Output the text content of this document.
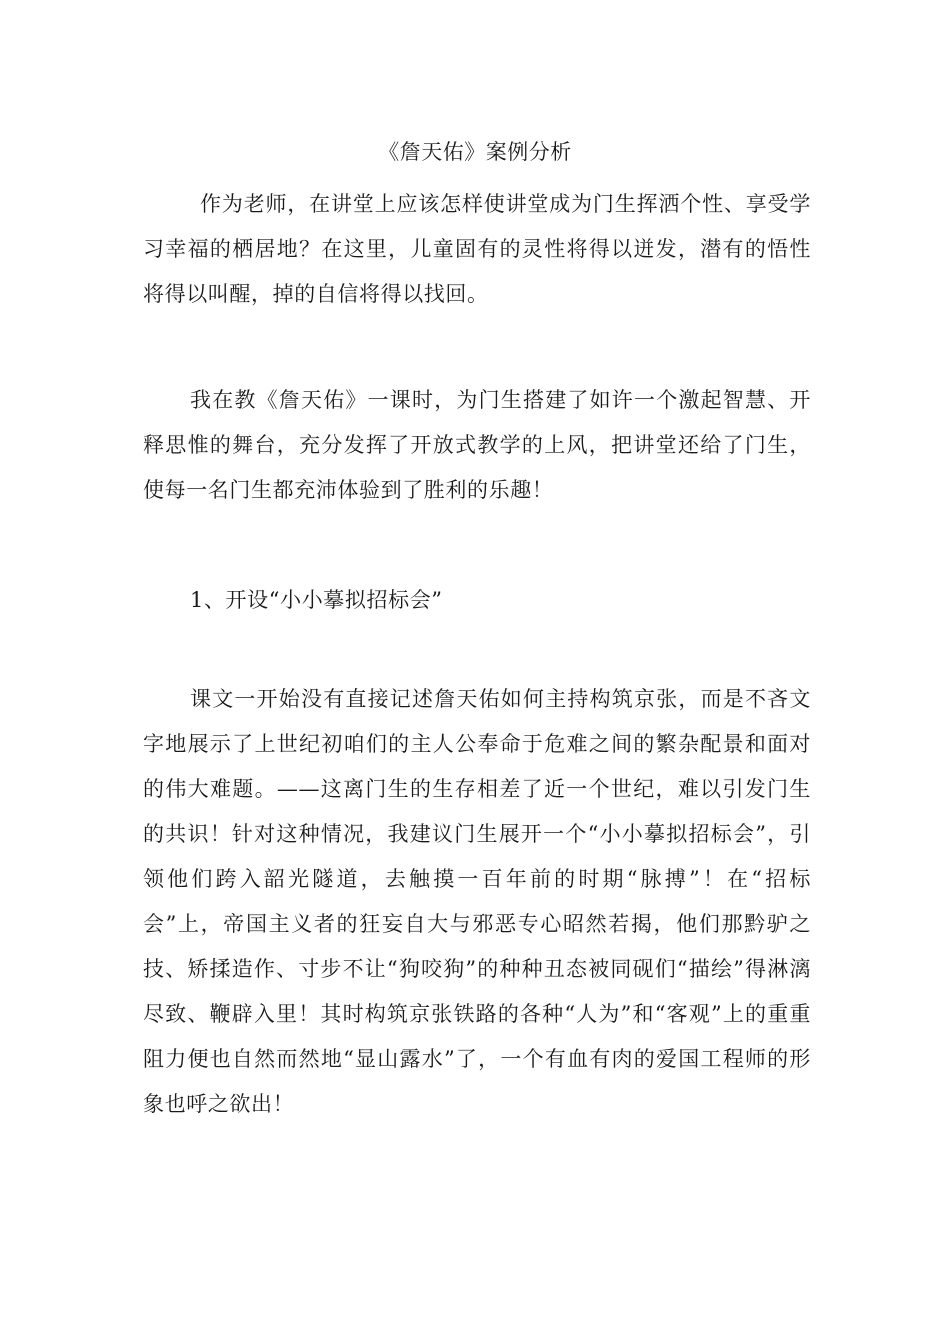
《詹天佑》案例分析

作为老师，在讲堂上应该怎样使讲堂成为门生挥洒个性、享受学习幸福的栖居地？在这里，儿童固有的灵性将得以迸发，潜有的悟性将得以叫醒，掉的自信将得以找回。

我在教《詹天佑》一课时，为门生搭建了如许一个激起智慧、开释思惟的舞台，充分发挥了开放式教学的上风，把讲堂还给了门生，使每一名门生都充沛体验到了胜利的乐趣！

1、开设“小小摹拟招标会”

课文一开始没有直接记述詹天佑如何主持构筑京张，而是不吝文字地展示了上世纪初咱们的主人公奉命于危难之间的繁杂配景和面对的伟大难题。——这离门生的生存相差了近一个世纪，难以引发门生的共识！针对这种情况，我建议门生展开一个“小小摹拟招标会”，引领他们跨入韶光隧道，去触摸一百年前的时期“脉搏”！在“招标会”上，帝国主义者的狂妄自大与邪恶专心昭然若揭，他们那黔驴之技、矫揉造作、寸步不让“狗咬狗”的种种丑态被同砚们“描绘”得淋漓尽致、鞭辟入里！其时构筑京张铁路的各种“人为”和“客观”上的重重阻力便也自然而然地“显山露水”了，一个有血有肉的爱国工程师的形象也呼之欲出！
